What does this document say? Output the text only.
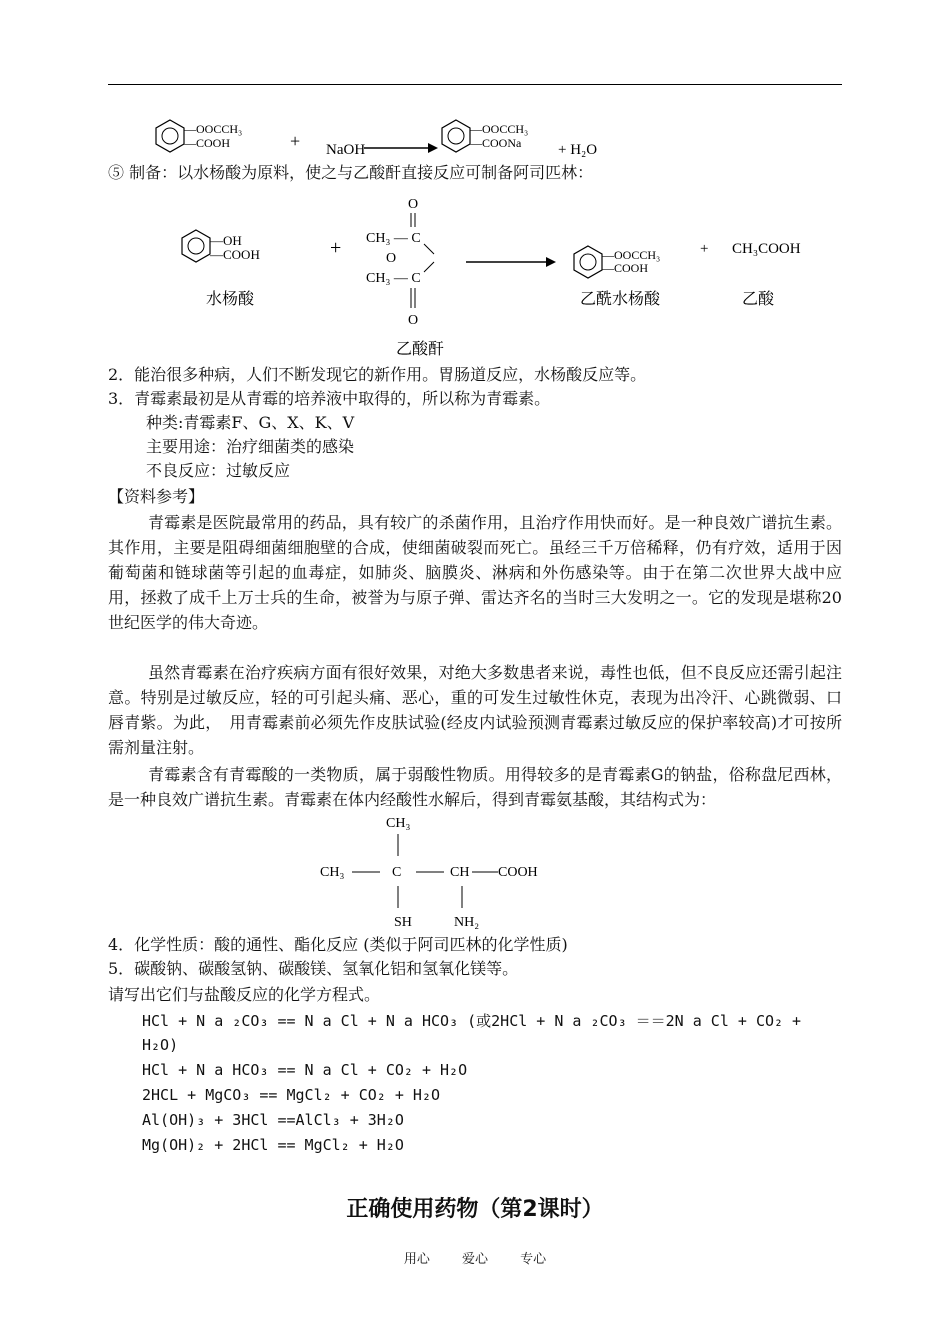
—OOCCH₃
—COOH	+ NaOH
—OOCCH₃
—COONa + H₂O
⑤ 制备：以水杨酸为原料，使之与乙酸酐直接反应可制备阿司匹林：
—OH
—COOH
水杨酸
+
O
CH₃ — C
O
CH₃ — C
O
乙酸酐
—OOCCH₃
—COOH
乙酰水杨酸
+ CH₃COOH
乙酸
2．能治很多种病，人们不断发现它的新作用。胃肠道反应，水杨酸反应等。
3．青霉素最初是从青霉的培养液中取得的，所以称为青霉素。
种类:青霉素F、G、X、K、V
主要用途：治疗细菌类的感染
不良反应：过敏反应
【资料参考】

青霉素是医院最常用的药品，具有较广的杀菌作用，且治疗作用快而好。是一种良效广谱抗生素。其作用，主要是阻碍细菌细胞壁的合成，使细菌破裂而死亡。虽经三千万倍稀释，仍有疗效，适用于因葡萄菌和链球菌等引起的血毒症，如肺炎、脑膜炎、淋病和外伤感染等。由于在第二次世界大战中应用，拯救了成千上万士兵的生命，被誉为与原子弹、雷达齐名的当时三大发明之一。它的发现是堪称20世纪医学的伟大奇迹。

虽然青霉素在治疗疾病方面有很好效果，对绝大多数患者来说，毒性也低，但不良反应还需引起注意。特别是过敏反应，轻的可引起头痛、恶心，重的可发生过敏性休克，表现为出冷汗、心跳微弱、口唇青紫。为此，　用青霉素前必须先作皮肤试验(经皮内试验预测青霉素过敏反应的保护率较高)才可按所需剂量注射。

青霉素含有青霉酸的一类物质，属于弱酸性物质。用得较多的是青霉素G的钠盐，俗称盘尼西林，是一种良效广谱抗生素。青霉素在体内经酸性水解后，得到青霉氨基酸，其结构式为：

CH₃
CH₃	C	CH COOH
SH	NH₂
4．化学性质：酸的通性、酯化反应 (类似于阿司匹林的化学性质)
5．碳酸钠、碳酸氢钠、碳酸镁、氢氧化铝和氢氧化镁等。
请写出它们与盐酸反应的化学方程式。
HCl + N a ₂CO₃ == N a Cl + N a HCO₃ (或2HCl + N a ₂CO₃ ＝＝2N a Cl + CO₂ +
H₂O)
HCl + N a HCO₃ == N a Cl + CO₂ + H₂O
2HCL + MgCO₃ == MgCl₂ + CO₂ + H₂O
Al(OH)₃ + 3HCl ==AlCl₃ + 3H₂O
Mg(OH)₂ + 2HCl == MgCl₂ + H₂O
正确使用药物（第2课时）
用心 爱心 专心
